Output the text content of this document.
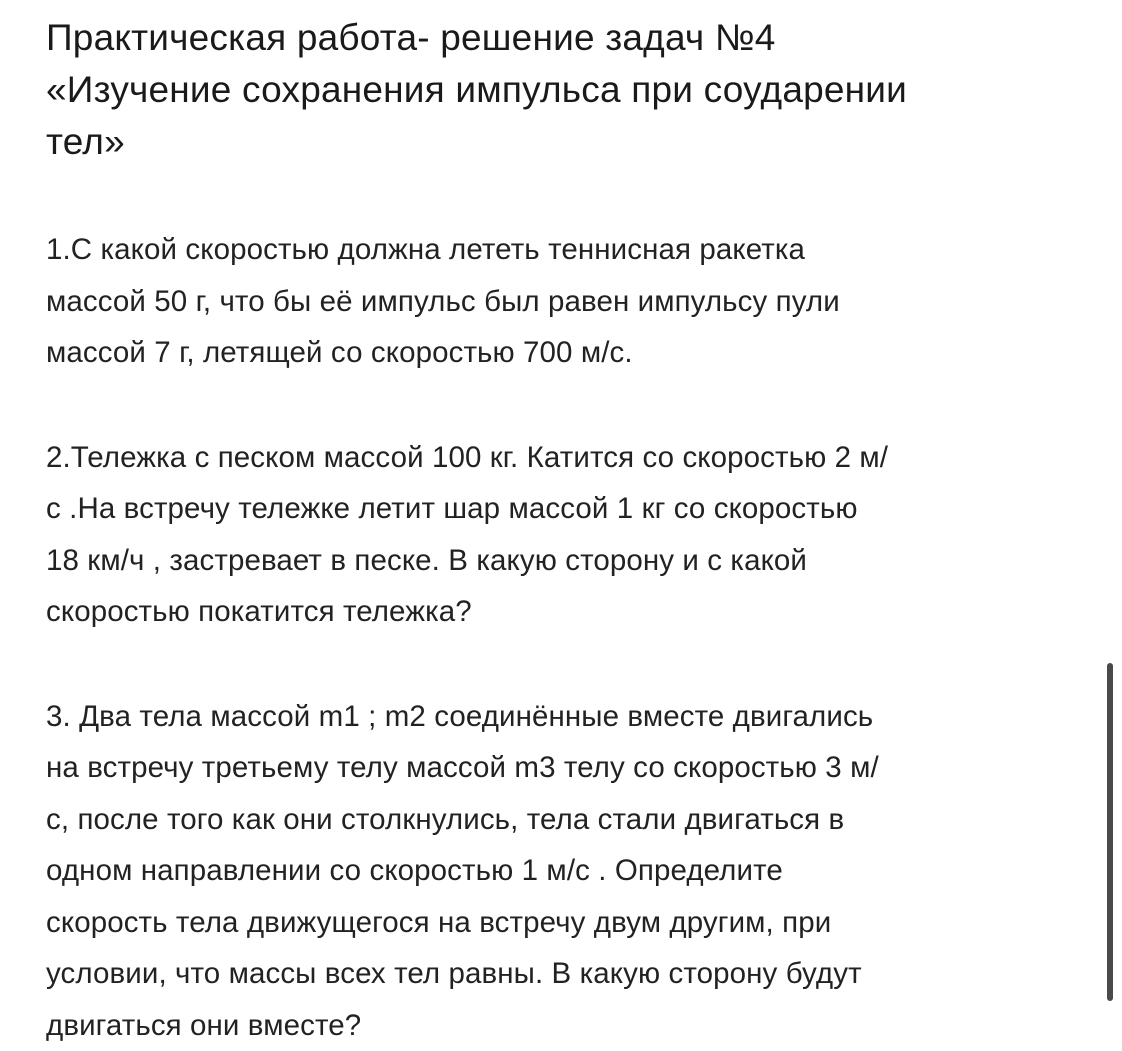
Практическая работа- решение задач №4
«Изучение сохранения импульса при соударении
тел»

1.С какой скоростью должна лететь теннисная ракетка
массой 50 г, что бы её импульс был равен импульсу пули
массой 7 г, летящей со скоростью 700 м/с.

2.Тележка с песком массой 100 кг. Катится со скоростью 2 м/
с .На встречу тележке летит шар массой 1 кг со скоростью
18 км/ч , застревает в песке. В какую сторону и с какой
скоростью покатится тележка?

3. Два тела массой m1 ; m2 соединённые вместе двигались
на встречу третьему телу массой m3 телу со скоростью 3 м/
с, после того как они столкнулись, тела стали двигаться в
одном направлении со скоростью 1 м/с . Определите
скорость тела движущегося на встречу двум другим, при
условии, что массы всех тел равны. В какую сторону будут
двигаться они вместе?
